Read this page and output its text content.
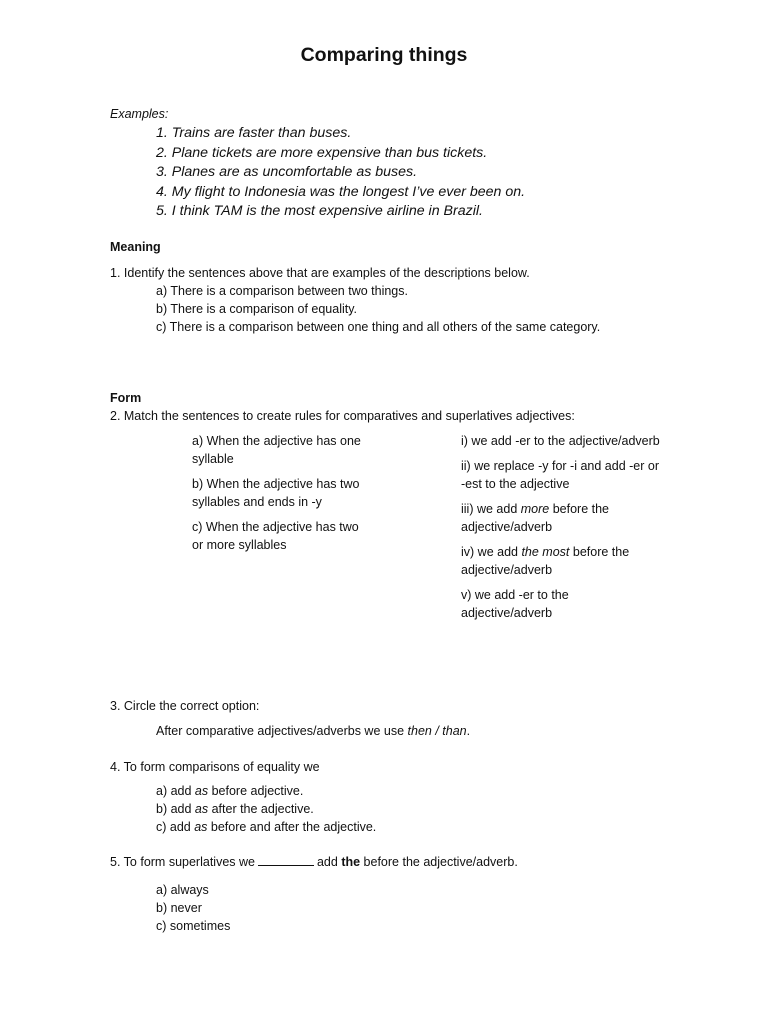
Comparing things
Examples:
1. Trains are faster than buses.
2. Plane tickets are more expensive than bus tickets.
3. Planes are as uncomfortable as buses.
4. My flight to Indonesia was the longest I’ve ever been on.
5. I think TAM is the most expensive airline in Brazil.
Meaning
1. Identify the sentences above that are examples of the descriptions below.
a) There is a comparison between two things.
b) There is a comparison of equality.
c) There is a comparison between one thing and all others of the same category.
Form
2. Match the sentences to create rules for comparatives and superlatives adjectives:
a) When the adjective has one syllable
b) When the adjective has two syllables and ends in -y
c) When the adjective has two or more syllables
i) we add -er to the adjective/adverb
ii) we replace -y for -i and add -er or -est to the adjective
iii) we add more before the adjective/adverb
iv) we add the most before the adjective/adverb
v) we add -er to the adjective/adverb
3. Circle the correct option:
After comparative adjectives/adverbs we use then / than.
4. To form comparisons of equality we
a) add as before adjective.
b) add as after the adjective.
c) add as before and after the adjective.
5. To form superlatives we	add the before the adjective/adverb.
a) always
b) never
c) sometimes
